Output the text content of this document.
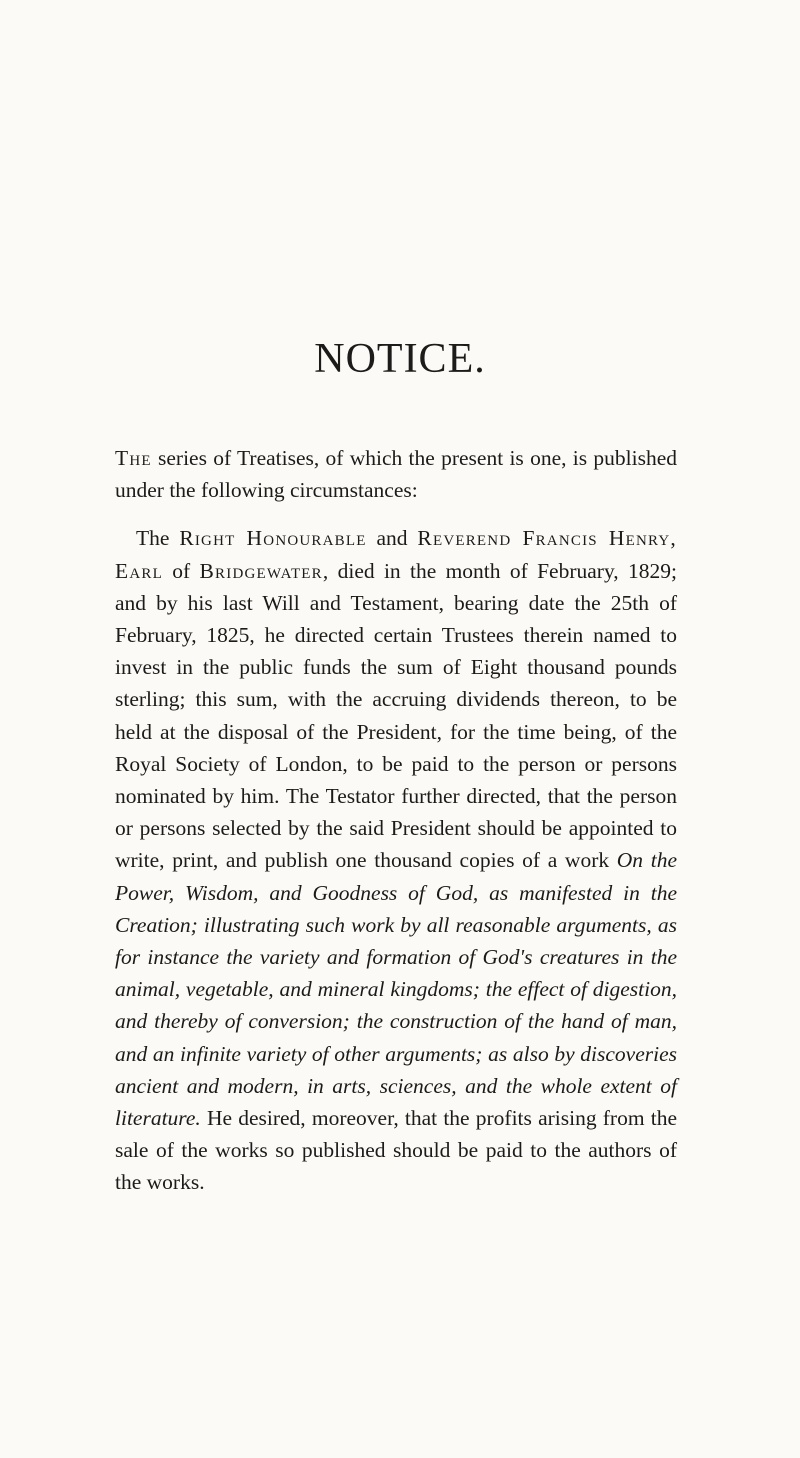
NOTICE.

The series of Treatises, of which the present is one, is published under the following circumstances:

The Right Honourable and Reverend Francis Henry, Earl of Bridgewater, died in the month of February, 1829; and by his last Will and Testament, bearing date the 25th of February, 1825, he directed certain Trustees therein named to invest in the public funds the sum of Eight thousand pounds sterling; this sum, with the accruing dividends thereon, to be held at the disposal of the President, for the time being, of the Royal Society of London, to be paid to the person or persons nominated by him. The Testator further directed, that the person or persons selected by the said President should be appointed to write, print, and publish one thousand copies of a work On the Power, Wisdom, and Goodness of God, as manifested in the Creation; illustrating such work by all reasonable arguments, as for instance the variety and formation of God's creatures in the animal, vegetable, and mineral kingdoms; the effect of digestion, and thereby of conversion; the construction of the hand of man, and an infinite variety of other arguments; as also by discoveries ancient and modern, in arts, sciences, and the whole extent of literature. He desired, moreover, that the profits arising from the sale of the works so published should be paid to the authors of the works.
